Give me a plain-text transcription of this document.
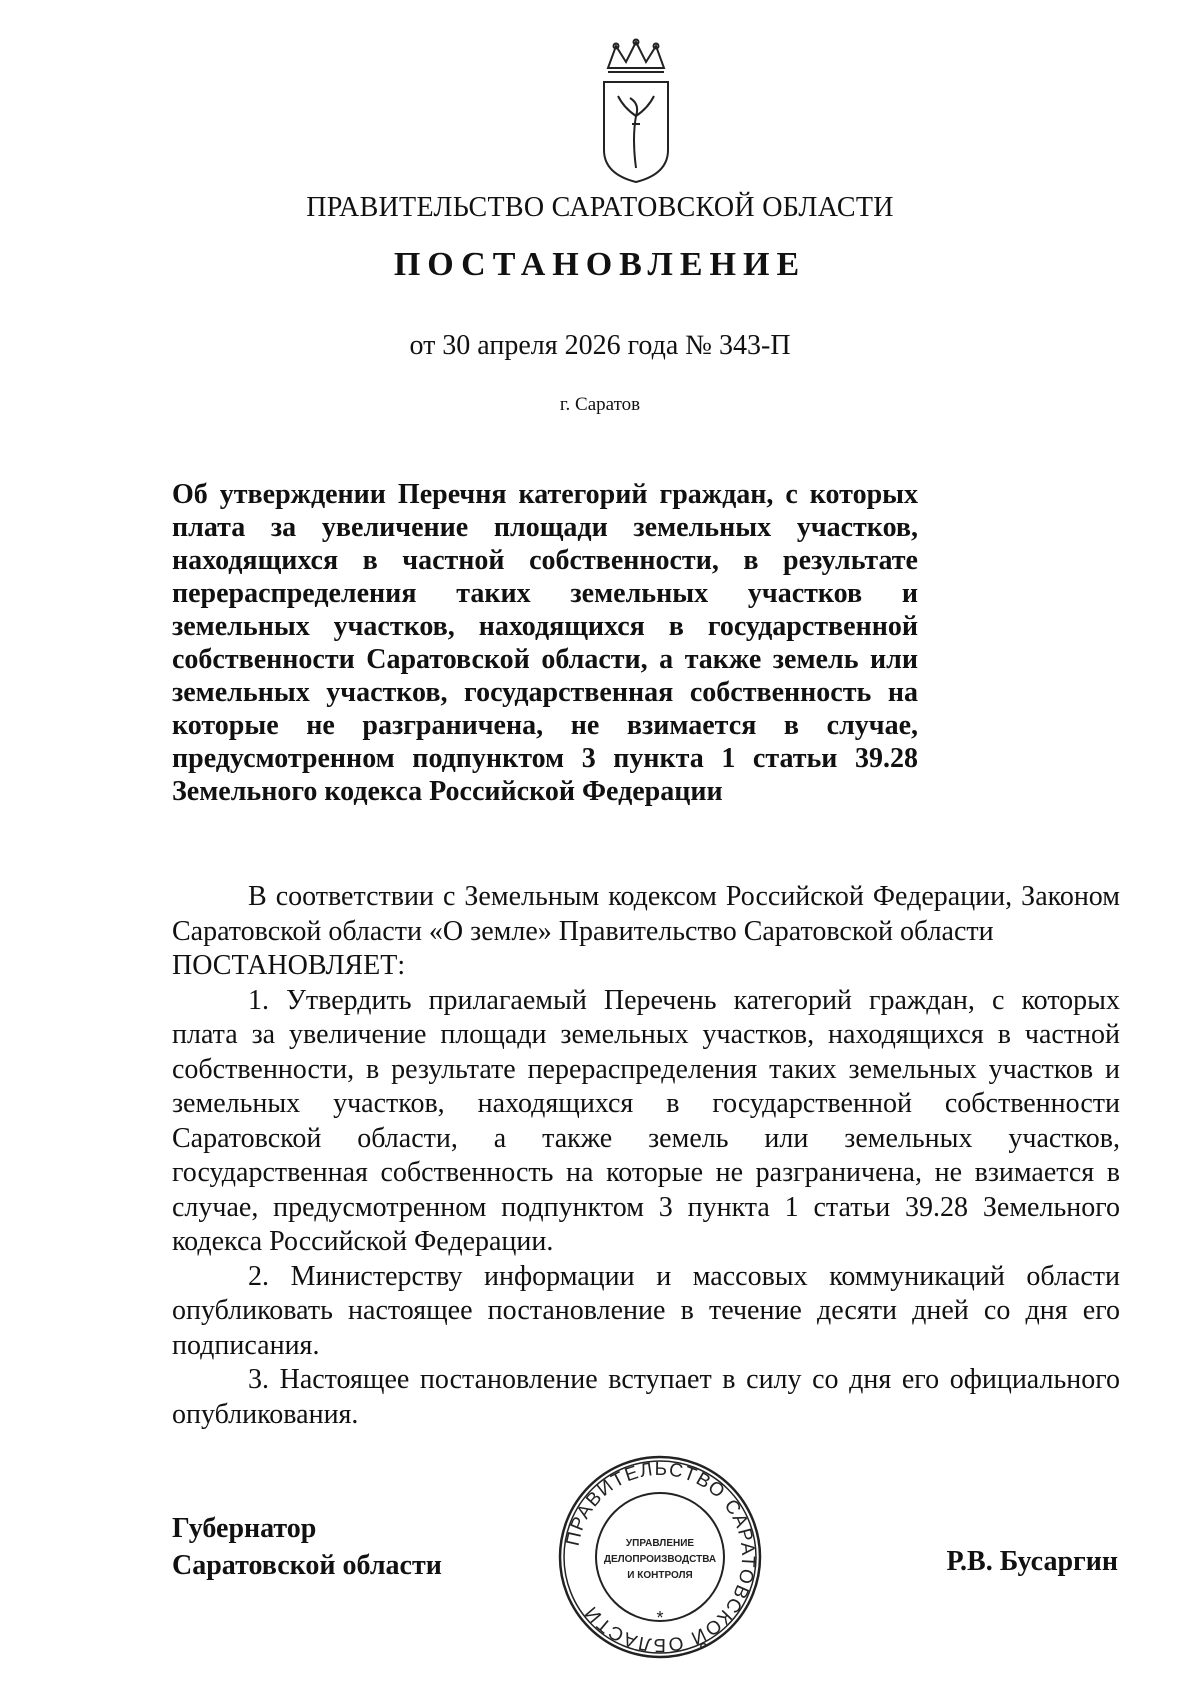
ПРАВИТЕЛЬСТВО САРАТОВСКОЙ ОБЛАСТИ
ПОСТАНОВЛЕНИЕ
от 30 апреля 2026 года № 343-П
г. Саратов

Об утверждении Перечня категорий граждан, с которых плата за увеличение площади земельных участков, находящихся в частной собственности, в результате перераспределения таких земельных участков и земельных участков, находящихся в государственной собственности Саратовской области, а также земель или земельных участков, государственная собственность на которые не разграничена, не взимается в случае, предусмотренном подпунктом 3 пункта 1 статьи 39.28 Земельного кодекса Российской Федерации

В соответствии с Земельным кодексом Российской Федерации, Законом Саратовской области «О земле» Правительство Саратовской области

ПОСТАНОВЛЯЕТ:

1. Утвердить прилагаемый Перечень категорий граждан, с которых плата за увеличение площади земельных участков, находящихся в частной собственности, в результате перераспределения таких земельных участков и земельных участков, находящихся в государственной собственности Саратовской области, а также земель или земельных участков, государственная собственность на которые не разграничена, не взимается в случае, предусмотренном подпунктом 3 пункта 1 статьи 39.28 Земельного кодекса Российской Федерации.

2. Министерству информации и массовых коммуникаций области опубликовать настоящее постановление в течение десяти дней со дня его подписания.

3. Настоящее постановление вступает в силу со дня его официального опубликования.

Губернатор
Саратовской области
ПРАВИТЕЛЬСТВО САРАТОВСКОЙ ОБЛАСТИ	*
УПРАВЛЕНИЕ
ДЕЛОПРОИЗВОДСТВА
И КОНТРОЛЯ	Р.В. Бусаргин
